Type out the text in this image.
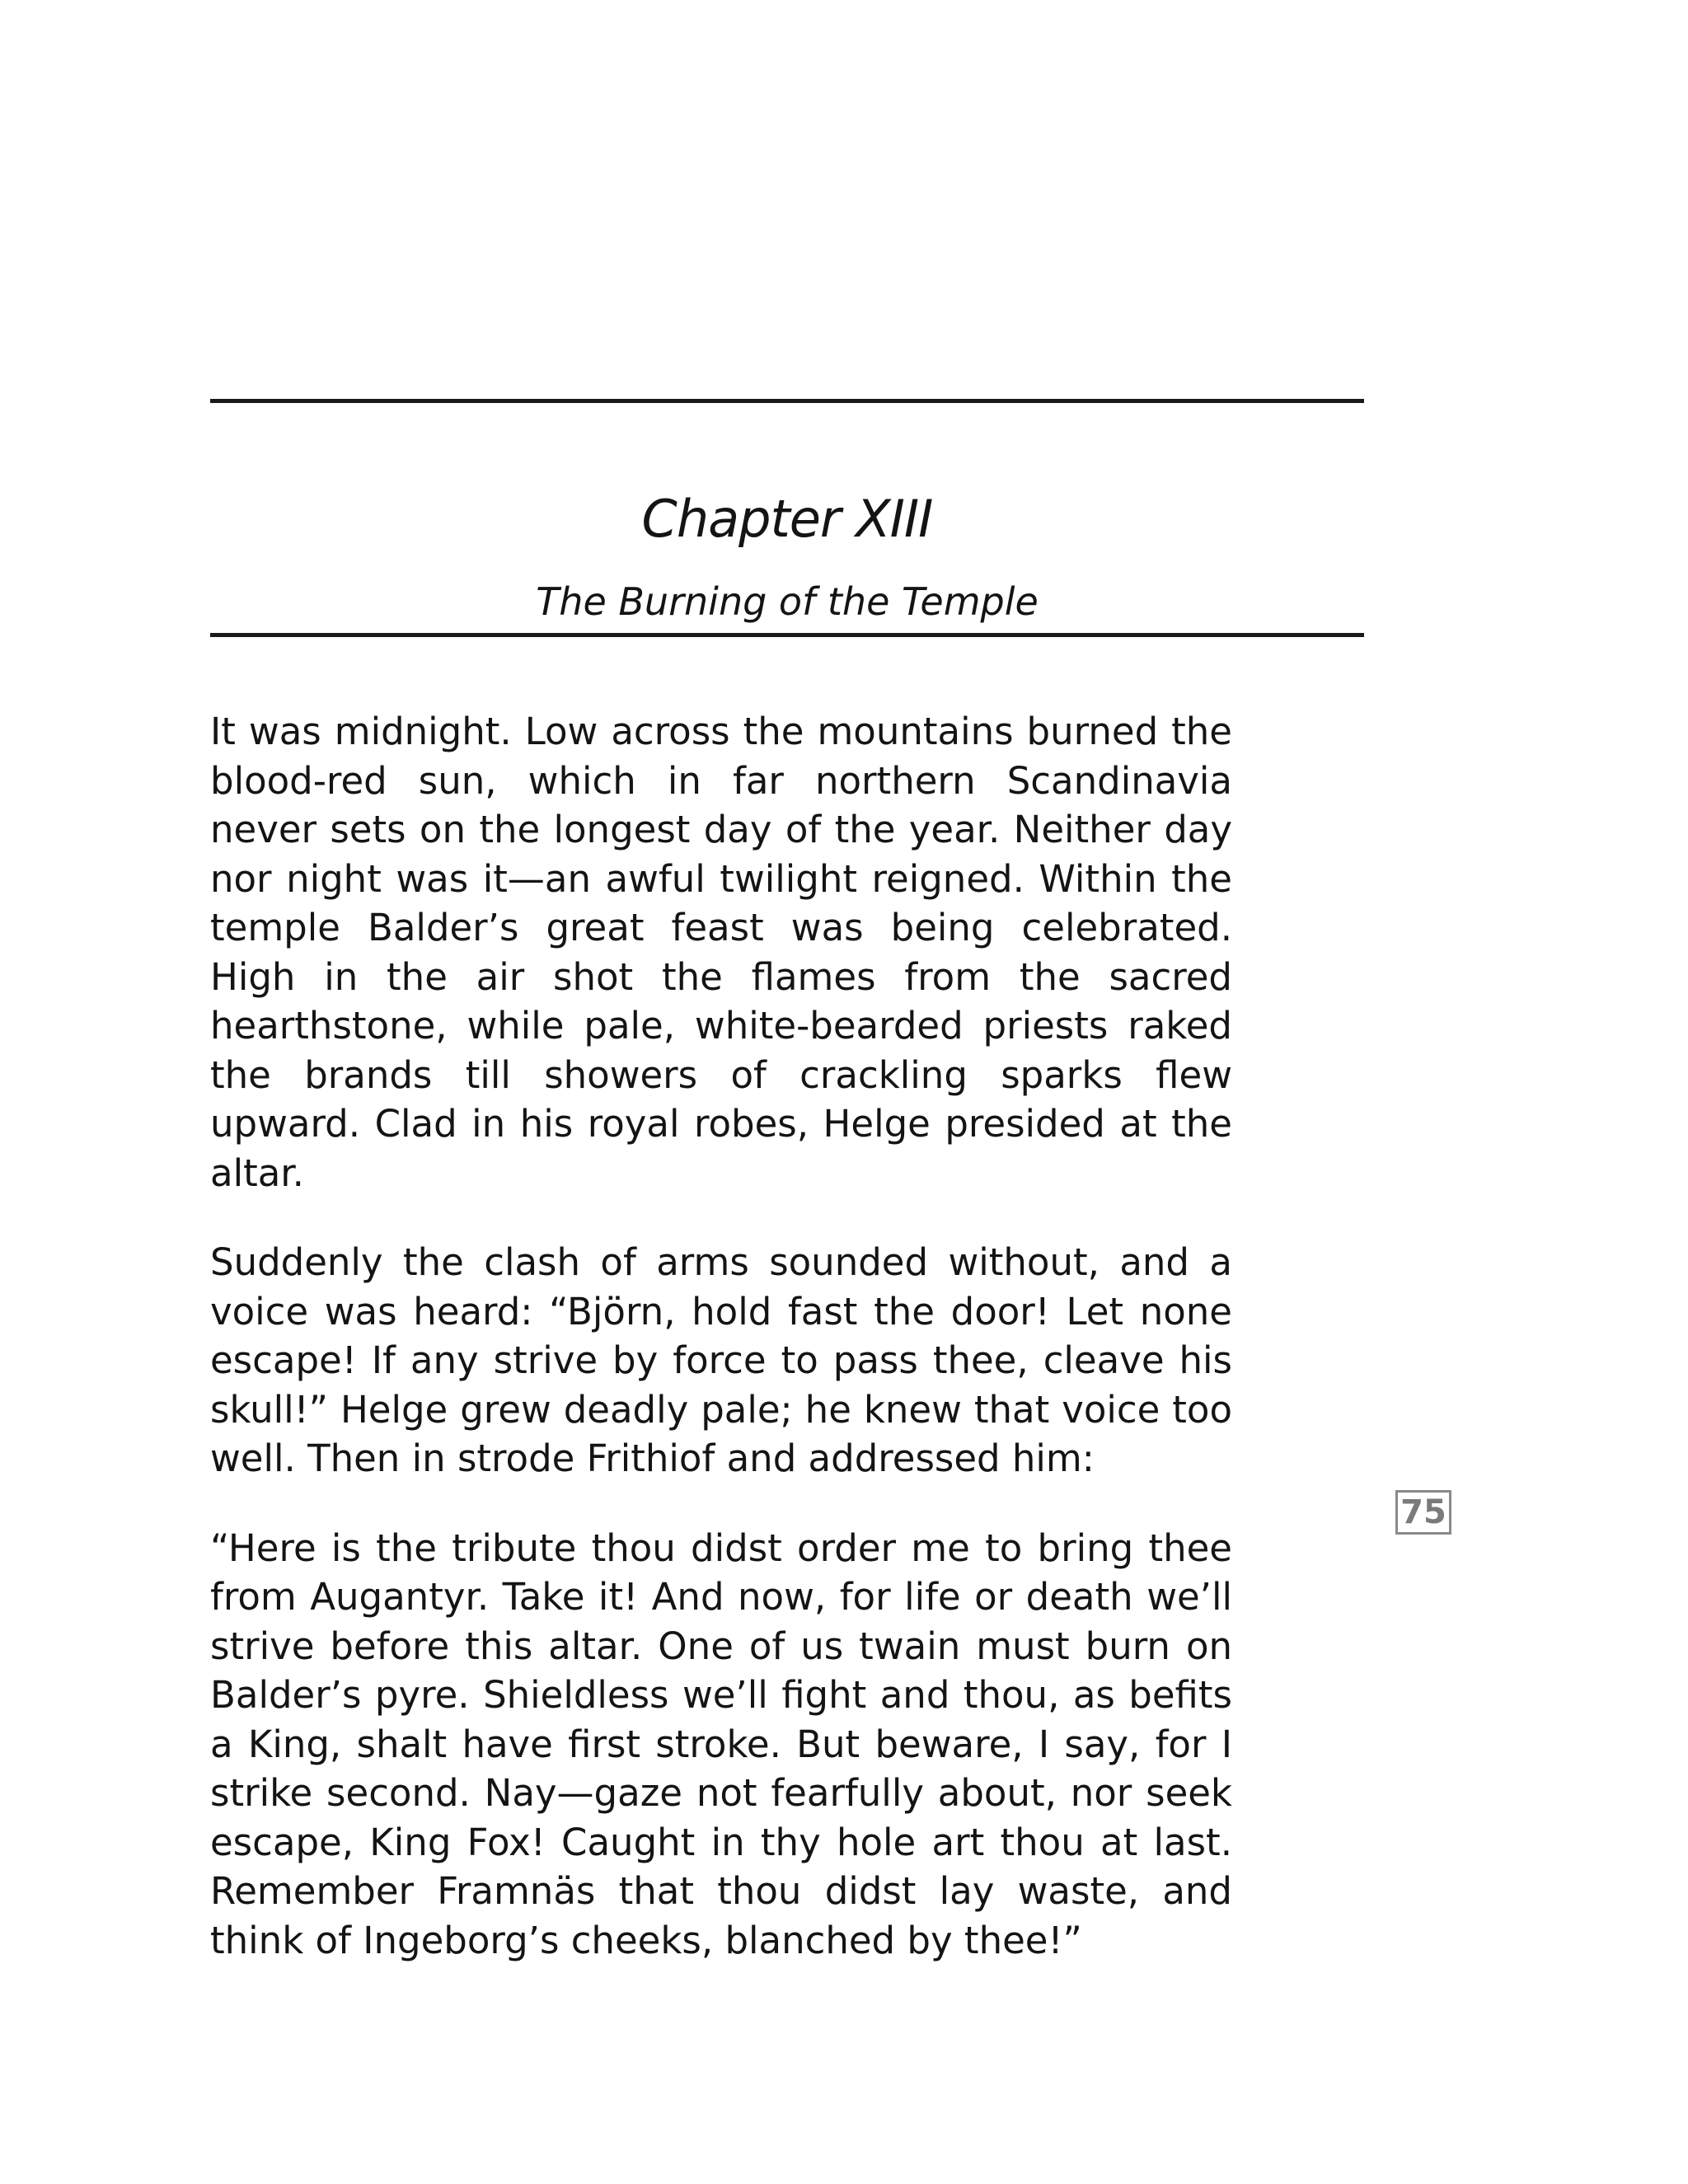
Chapter XIII
The Burning of the Temple

It was midnight. Low across the mountains burned the blood-red sun, which in far northern Scandinavia never sets on the longest day of the year. Neither day nor night was it—an awful twilight reigned. Within the temple Balder’s great feast was being celebrated. High in the air shot the flames from the sacred hearthstone, while pale, white-bearded priests raked the brands till showers of crackling sparks flew upward. Clad in his royal robes, Helge presided at the altar.

Suddenly the clash of arms sounded without, and a voice was heard: “Björn, hold fast the door! Let none escape! If any strive by force to pass thee, cleave his skull!” Helge grew deadly pale; he knew that voice too well. Then in strode Frithiof and addressed him:

“Here is the tribute thou didst order me to bring thee from Augantyr. Take it! And now, for life or death we’ll strive before this altar. One of us twain must burn on Balder’s pyre. Shieldless we’ll fight and thou, as befits a King, shalt have first stroke. But beware, I say, for I strike second. Nay—gaze not fearfully about, nor seek escape, King Fox! Caught in thy hole art thou at last. Remember Framnäs that thou didst lay waste, and think of Ingeborg’s cheeks, blanched by thee!”

75
